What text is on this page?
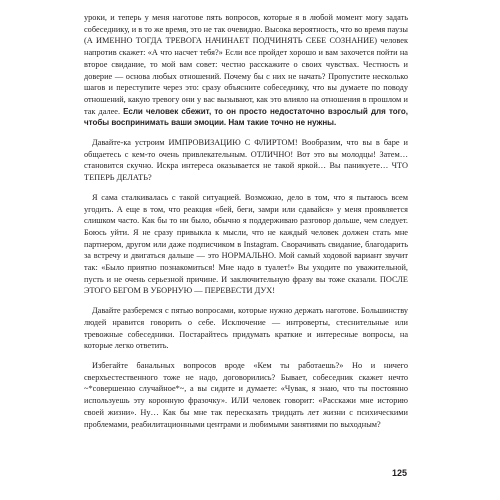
уроки, и теперь у меня наготове пять вопросов, которые я в любой момент могу задать собеседнику, и в то же время, это не так очевидно. Высока вероятность, что во время паузы (А ИМЕННО ТОГДА ТРЕВОГА НАЧИНАЕТ ПОДЧИНЯТЬ СЕБЕ СОЗНАНИЕ) человек напротив скажет: «А что насчет тебя?» Если все пройдет хорошо и вам захочется пойти на второе свидание, то мой вам совет: честно расскажите о своих чувствах. Честность и доверие — основа любых отношений. Почему бы с них не начать? Пропустите несколько шагов и переступите через это: сразу объясните собеседнику, что вы думаете по поводу отношений, какую тревогу они у вас вызывают, как это влияло на отношения в прошлом и так далее. Если человек сбежит, то он просто недостаточно взрослый для того, чтобы воспринимать ваши эмоции. Нам такие точно не нужны.

Давайте-ка устроим ИМПРОВИЗАЦИЮ С ФЛИРТОМ! Вообразим, что вы в баре и общаетесь с кем-то очень привлекательным. ОТЛИЧНО! Вот это вы молодцы! Затем… становится скучно. Искра интереса оказывается не такой яркой… Вы паникуете… ЧТО ТЕПЕРЬ ДЕЛАТЬ?

Я сама сталкивалась с такой ситуацией. Возможно, дело в том, что я пытаюсь всем угодить. А еще в том, что реакция «бей, беги, замри или сдавайся» у меня проявляется слишком часто. Как бы то ни было, обычно я поддерживаю разговор дольше, чем следует. Боюсь уйти. Я не сразу привыкла к мысли, что не каждый человек должен стать мне партнером, другом или даже подписчиком в Instagram. Сворачивать свидание, благодарить за встречу и двигаться дальше — это НОРМАЛЬНО. Мой самый ходовой вариант звучит так: «Было приятно познакомиться! Мне надо в туалет!» Вы уходите по уважительной, пусть и не очень серьезной причине. И заключительную фразу вы тоже сказали. ПОСЛЕ ЭТОГО БЕГОМ В УБОРНУЮ — ПЕРЕВЕСТИ ДУХ!

Давайте разберемся с пятью вопросами, которые нужно держать наготове. Большинству людей нравится говорить о себе. Исключение — интроверты, стеснительные или тревожные собеседники. Постарайтесь придумать краткие и интересные вопросы, на которые легко ответить.

Избегайте банальных вопросов вроде «Кем ты работаешь?» Но и ничего сверхъестественного тоже не надо, договорились? Бывает, собеседник скажет нечто ~*совершенно случайное*~, а вы сидите и думаете: «Чувак, я знаю, что ты постоянно используешь эту коронную фразочку». ИЛИ человек говорит: «Расскажи мне историю своей жизни». Ну… Как бы мне так пересказать тридцать лет жизни с психическими проблемами, реабилитационными центрами и любимыми занятиями по выходным?

125
